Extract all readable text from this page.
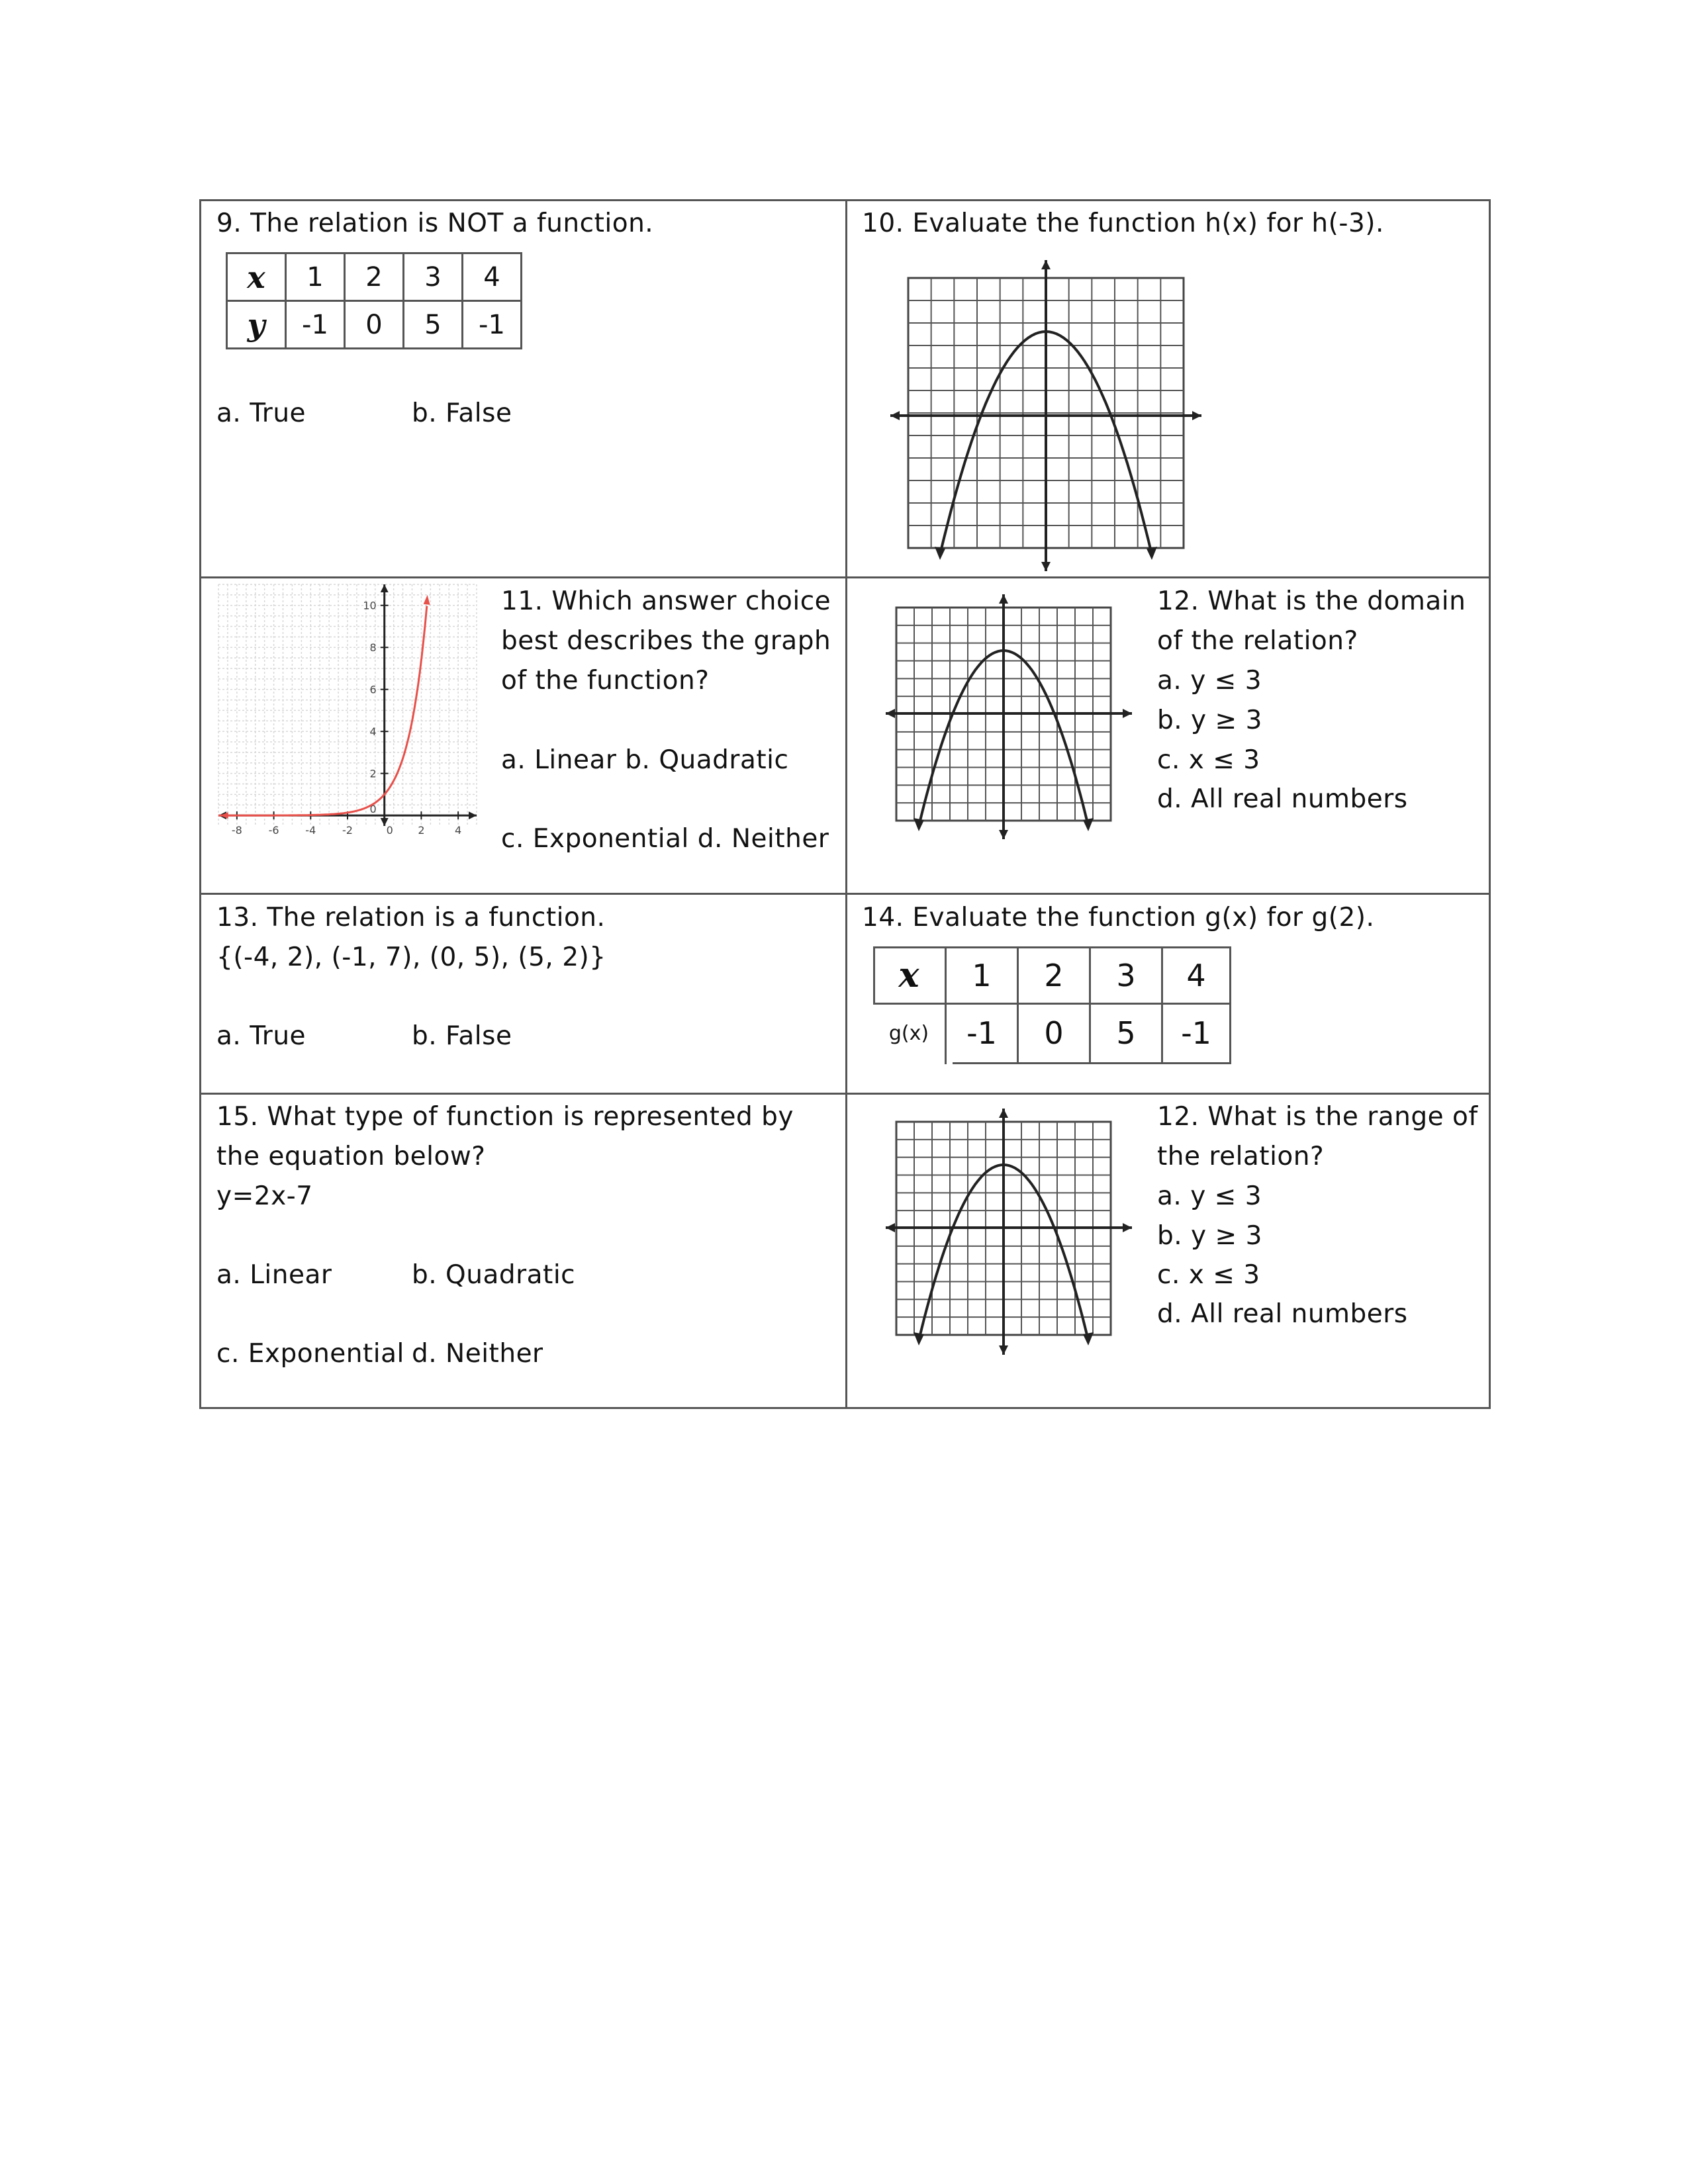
9. The relation is NOT a function.
x	1	2	3	4
y	-1	0	5	-1
a. True	b. False
10. Evaluate the function h(x) for h(-3).
-8 -6 -4 -2	0 2	4
0
2
4
6
8
10	11. Which answer choice
best describes the graph
of the function?
a. Linear b. Quadratic
c. Exponential d. Neither
12. What is the domain
of the relation?
a. y ≤ 3
b. y ≥ 3
c. x ≤ 3
d. All real numbers
13. The relation is a function.
{(-4, 2), (-1, 7), (0, 5), (5, 2)}
a. True	b. False
14. Evaluate the function g(x) for g(2).
x	1	2	3	4
g(x)	-1	0	5	-1
15. What type of function is represented by
the equation below?
y=2x-7
a. Linear	b. Quadratic
c. Exponential d. Neither
12. What is the range of
the relation?
a. y ≤ 3
b. y ≥ 3
c. x ≤ 3
d. All real numbers
